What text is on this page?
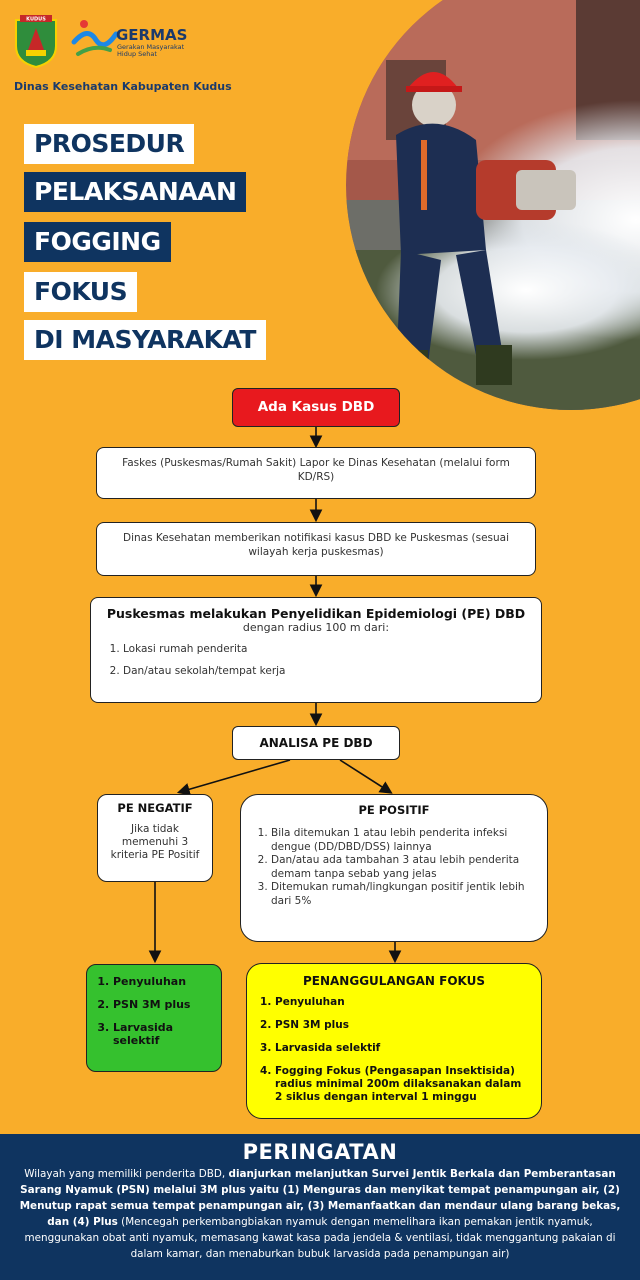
KUDUS
GERMAS
Gerakan Masyarakat
Hidup Sehat
Dinas Kesehatan Kabupaten Kudus
PROSEDUR
PELAKSANAAN
FOGGING
FOKUS
DI MASYARAKAT
Ada Kasus DBD
Faskes (Puskesmas/Rumah Sakit) Lapor ke Dinas Kesehatan (melalui form KD/RS)
Dinas Kesehatan memberikan notifikasi kasus DBD ke Puskesmas (sesuai wilayah kerja puskesmas)
Puskesmas melakukan Penyelidikan Epidemiologi (PE) DBD
dengan radius 100 m dari:
1. Lokasi rumah penderita
2. Dan/atau sekolah/tempat kerja
ANALISA PE DBD
PE NEGATIF
Jika tidak memenuhi 3 kriteria PE Positif
PE POSITIF
1. Bila ditemukan 1 atau lebih penderita infeksi dengue (DD/DBD/DSS) lainnya
2. Dan/atau ada tambahan 3 atau lebih penderita demam tanpa sebab yang jelas
3. Ditemukan rumah/lingkungan positif jentik lebih dari 5%
1. Penyuluhan
2. PSN 3M plus
3. Larvasida selektif
PENANGGULANGAN FOKUS
1. Penyuluhan
2. PSN 3M plus
3. Larvasida selektif
4. Fogging Fokus (Pengasapan Insektisida) radius minimal 200m dilaksanakan dalam 2 siklus dengan interval 1 minggu
PERINGATAN
Wilayah yang memiliki penderita DBD, dianjurkan melanjutkan Survei Jentik Berkala dan Pemberantasan Sarang Nyamuk (PSN) melalui 3M plus yaitu (1) Menguras dan menyikat tempat penampungan air, (2) Menutup rapat semua tempat penampungan air, (3) Memanfaatkan dan mendaur ulang barang bekas, dan (4) Plus (Mencegah perkembangbiakan nyamuk dengan memelihara ikan pemakan jentik nyamuk, menggunakan obat anti nyamuk, memasang kawat kasa pada jendela & ventilasi, tidak menggantung pakaian di dalam kamar, dan menaburkan bubuk larvasida pada penampungan air)
